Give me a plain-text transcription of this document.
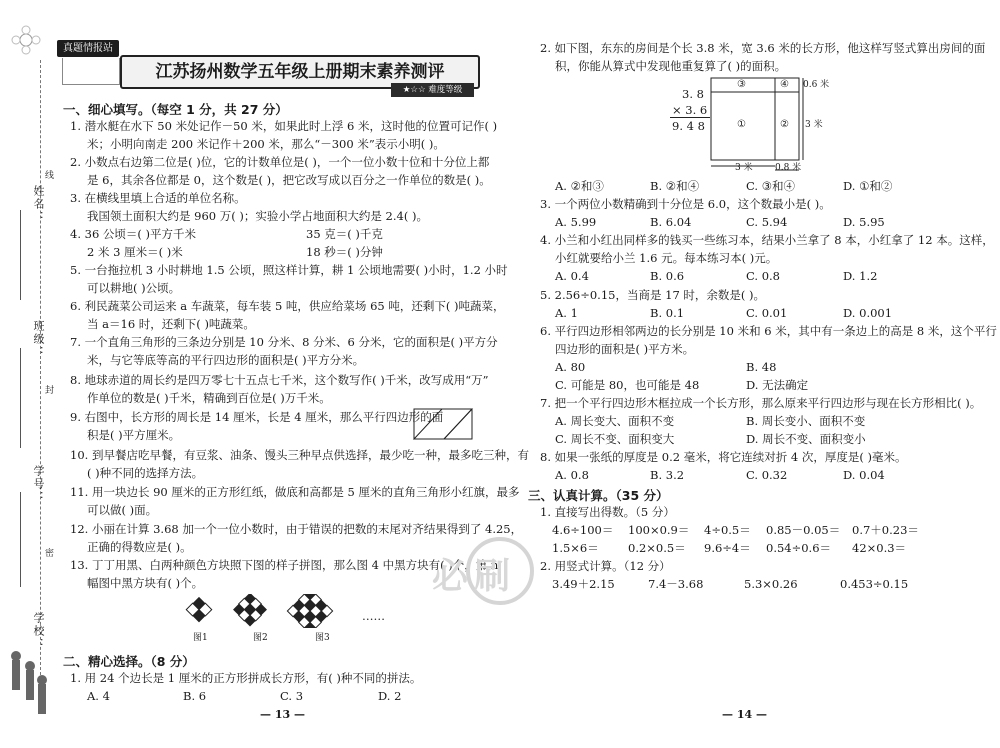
姓名：
班级：
学号：
学校：
线
封
密
真题情报站
江苏扬州数学五年级上册期末素养测评
★☆☆ 难度等级
一、细心填写。（每空 1 分，共 27 分）
1. 潜水艇在水下 50 米处记作－50 米，如果此时上浮 6 米，这时他的位置可记作( )
米；小明向南走 200 米记作＋200 米，那么“－300 米”表示小明( )。
2. 小数点右边第二位是( )位，它的计数单位是( )，一个一位小数十位和十分位上都
是 6，其余各位都是 0，这个数是( )，把它改写成以百分之一作单位的数是( )。
3. 在横线里填上合适的单位名称。
我国领土面积大约是 960 万( )；实验小学占地面积大约是 2.4( )。
4. 36 公顷＝( )平方千米	35 克＝( )千克
2 米 3 厘米＝( )米	18 秒＝( )分钟
5. 一台拖拉机 3 小时耕地 1.5 公顷，照这样计算，耕 1 公顷地需要( )小时，1.2 小时
可以耕地( )公顷。
6. 利民蔬菜公司运来 a 车蔬菜，每车装 5 吨，供应给菜场 65 吨，还剩下( )吨蔬菜，
当 a＝16 时，还剩下( )吨蔬菜。
7. 一个直角三角形的三条边分别是 10 分米、8 分米、6 分米，它的面积是( )平方分
米，与它等底等高的平行四边形的面积是( )平方分米。
8. 地球赤道的周长约是四万零七十五点七千米，这个数写作( )千米，改写成用“万”
作单位的数是( )千米，精确到百位是( )万千米。
9. 右图中，长方形的周长是 14 厘米，长是 4 厘米，那么平行四边形的面
积是( )平方厘米。
10. 到早餐店吃早餐，有豆浆、油条、馒头三种早点供选择，最少吃一种，最多吃三种，有
( )种不同的选择方法。
11. 用一块边长 90 厘米的正方形红纸，做底和高都是 5 厘米的直角三角形小红旗，最多
可以做( )面。
12. 小丽在计算 3.68 加一个一位小数时，由于错误的把数的末尾对齐结果得到了 4.25，
正确的得数应是( )。
13. 丁丁用黑、白两种颜色方块照下图的样子拼图，那么图 4 中黑方块有( )个，第 n
幅图中黑方块有( )个。
……
图1	图2	图3
二、精心选择。（8 分）
1. 用 24 个边长是 1 厘米的正方形拼成长方形，有( )种不同的拼法。
A. 4	B. 6	C. 3	D. 2
— 13 —
2. 如下图，东东的房间是个长 3.8 米，宽 3.6 米的长方形，他这样写竖式算出房间的面
积，你能从算式中发现他重复算了( )的面积。
3. 8
× 3. 6
9. 4 8
③	④
①	②
0.6 米
3 米
3 米 0.8 米
A. ②和③	B. ②和④	C. ③和④	D. ①和②
3. 一个两位小数精确到十分位是 6.0，这个数最小是( )。
A. 5.99	B. 6.04	C. 5.94	D. 5.95
4. 小兰和小红出同样多的钱买一些练习本，结果小兰拿了 8 本，小红拿了 12 本。这样，
小红就要给小兰 1.6 元。每本练习本( )元。
A. 0.4	B. 0.6	C. 0.8	D. 1.2
5. 2.56÷0.15，当商是 17 时，余数是( )。
A. 1	B. 0.1	C. 0.01	D. 0.001
6. 平行四边形相邻两边的长分别是 10 米和 6 米，其中有一条边上的高是 8 米，这个平行
四边形的面积是( )平方米。
A. 80	B. 48
C. 可能是 80，也可能是 48	D. 无法确定
7. 把一个平行四边形木框拉成一个长方形，那么原来平行四边形与现在长方形相比( )。
A. 周长变大、面积不变	B. 周长变小、面积不变
C. 周长不变、面积变大	D. 周长不变、面积变小
8. 如果一张纸的厚度是 0.2 毫米，将它连续对折 4 次，厚度是( )毫米。
A. 0.8	B. 3.2	C. 0.32	D. 0.04
三、认真计算。（35 分）
1. 直接写出得数。（5 分）
4.6÷100＝ 100×0.9＝ 4÷0.5＝ 0.85－0.05＝ 0.7＋0.23＝
1.5×6＝	0.2×0.5＝ 9.6÷4＝ 0.54÷0.6＝ 42×0.3＝
2. 用竖式计算。（12 分）
3.49＋2.15	7.4－3.68	5.3×0.26	0.453÷0.15
必刷
— 14 —
